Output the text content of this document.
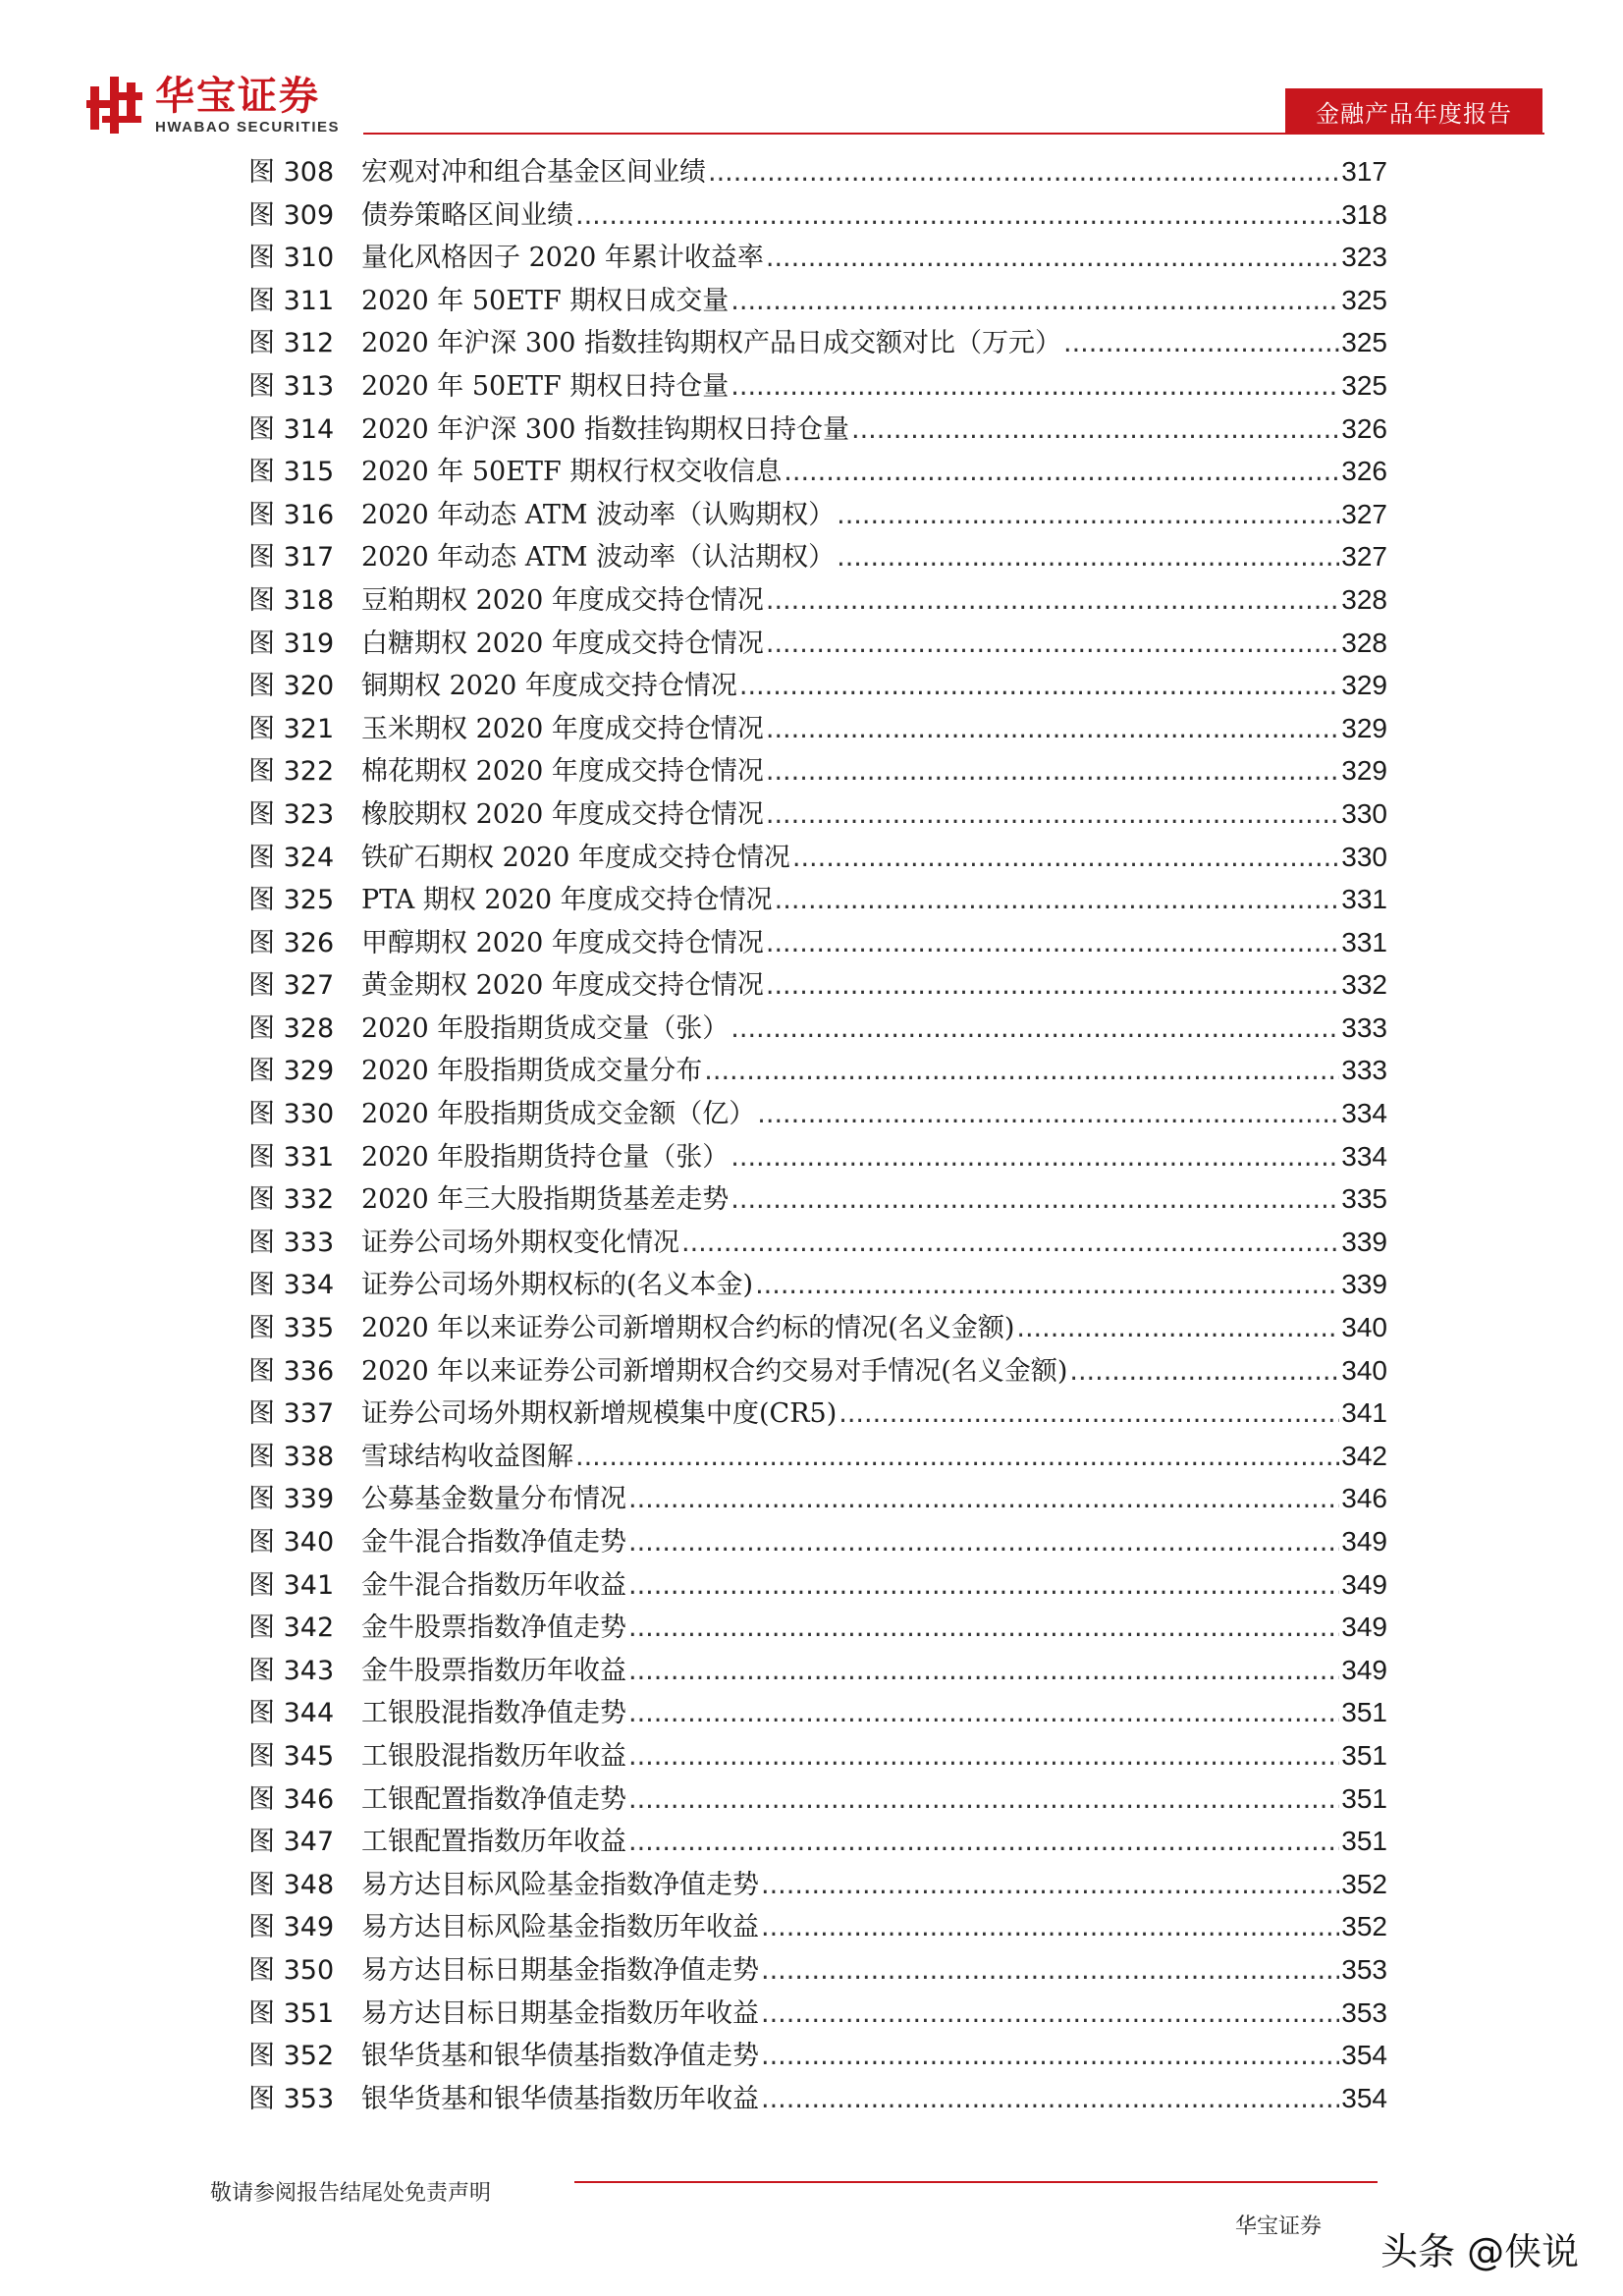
华宝证券
HWABAO SECURITIES	金融产品年度报告
图 308	宏观对冲和组合基金区间业绩 .....	317
图 309	债券策略区间业绩 .....	318
图 310	量化风格因子 2020 年累计收益率 .....	323
图 311	2020 年 50ETF 期权日成交量 .....	325
图 312	2020 年沪深 300 指数挂钩期权产品日成交额对比（万元） .....	325
图 313	2020 年 50ETF 期权日持仓量 .....	325
图 314	2020 年沪深 300 指数挂钩期权日持仓量 .....	326
图 315	2020 年 50ETF 期权行权交收信息 .....	326
图 316	2020 年动态 ATM 波动率（认购期权） .....	327
图 317	2020 年动态 ATM 波动率（认沽期权） .....	327
图 318	豆粕期权 2020 年度成交持仓情况 .....	328
图 319	白糖期权 2020 年度成交持仓情况 .....	328
图 320	铜期权 2020 年度成交持仓情况 .....	329
图 321	玉米期权 2020 年度成交持仓情况 .....	329
图 322	棉花期权 2020 年度成交持仓情况 .....	329
图 323	橡胶期权 2020 年度成交持仓情况 .....	330
图 324	铁矿石期权 2020 年度成交持仓情况 .....	330
图 325	PTA 期权 2020 年度成交持仓情况 .....	331
图 326	甲醇期权 2020 年度成交持仓情况 .....	331
图 327	黄金期权 2020 年度成交持仓情况 .....	332
图 328	2020 年股指期货成交量（张） .....	333
图 329	2020 年股指期货成交量分布 .....	333
图 330	2020 年股指期货成交金额（亿） .....	334
图 331	2020 年股指期货持仓量（张） .....	334
图 332	2020 年三大股指期货基差走势 .....	335
图 333	证券公司场外期权变化情况 .....	339
图 334	证券公司场外期权标的(名义本金) .....	339
图 335	2020 年以来证券公司新增期权合约标的情况(名义金额) .....	340
图 336	2020 年以来证券公司新增期权合约交易对手情况(名义金额) .....	340
图 337	证券公司场外期权新增规模集中度(CR5) .....	341
图 338	雪球结构收益图解 .....	342
图 339	公募基金数量分布情况 .....	346
图 340	金牛混合指数净值走势 .....	349
图 341	金牛混合指数历年收益 .....	349
图 342	金牛股票指数净值走势 .....	349
图 343	金牛股票指数历年收益 .....	349
图 344	工银股混指数净值走势 .....	351
图 345	工银股混指数历年收益 .....	351
图 346	工银配置指数净值走势 .....	351
图 347	工银配置指数历年收益 .....	351
图 348	易方达目标风险基金指数净值走势 .....	352
图 349	易方达目标风险基金指数历年收益 .....	352
图 350	易方达目标日期基金指数净值走势 .....	353
图 351	易方达目标日期基金指数历年收益 .....	353
图 352	银华货基和银华债基指数净值走势 .....	354
图 353	银华货基和银华债基指数历年收益 .....	354
敬请参阅报告结尾处免责声明
华宝证券
头条 @侠说
